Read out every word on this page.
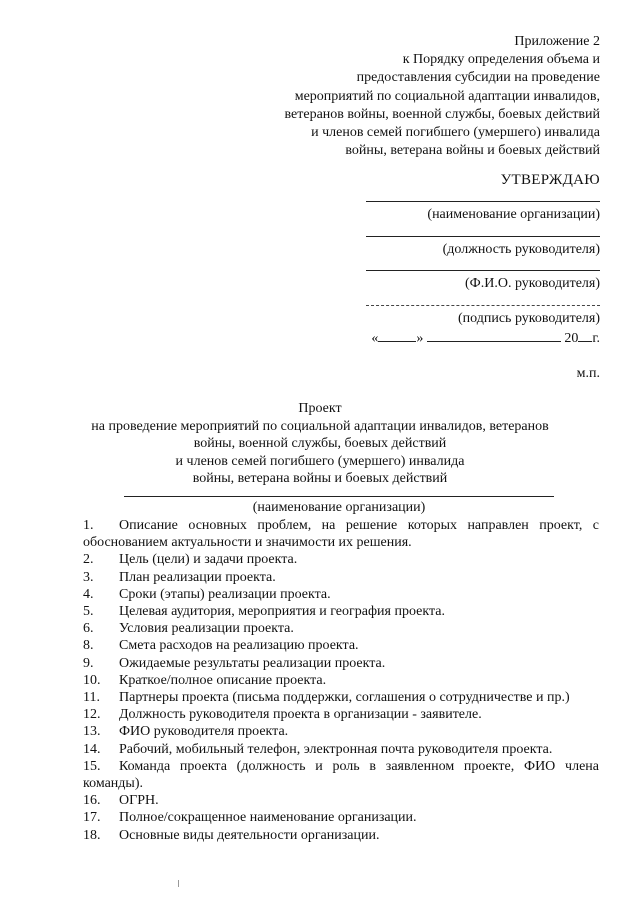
Приложение 2
к Порядку определения объема и
предоставления субсидии на проведение
мероприятий по социальной адаптации инвалидов,
ветеранов войны, военной службы, боевых действий
и членов семей погибшего (умершего) инвалида
войны, ветерана войны и боевых действий
УТВЕРЖДАЮ
(наименование организации)
(должность руководителя)
(Ф.И.О. руководителя)
(подпись руководителя)
«	»	20 г.
м.п.
Проект
на проведение мероприятий по социальной адаптации инвалидов, ветеранов
войны, военной службы, боевых действий
и членов семей погибшего (умершего) инвалида
войны, ветерана войны и боевых действий
(наименование организации)
1. Описание основных проблем, на решение которых направлен проект, с обоснованием актуальности и значимости их решения.
2. Цель (цели) и задачи проекта.
3. План реализации проекта.
4. Сроки (этапы) реализации проекта.
5. Целевая аудитория, мероприятия и география проекта.
6. Условия реализации проекта.
8. Смета расходов на реализацию проекта.
9. Ожидаемые результаты реализации проекта.
10. Краткое/полное описание проекта.
11. Партнеры проекта (письма поддержки, соглашения о сотрудничестве и пр.)
12. Должность руководителя проекта в организации - заявителе.
13. ФИО руководителя проекта.
14. Рабочий, мобильный телефон, электронная почта руководителя проекта.
15. Команда проекта (должность и роль в заявленном проекте, ФИО члена команды).
16. ОГРН.
17. Полное/сокращенное наименование организации.
18. Основные виды деятельности организации.
